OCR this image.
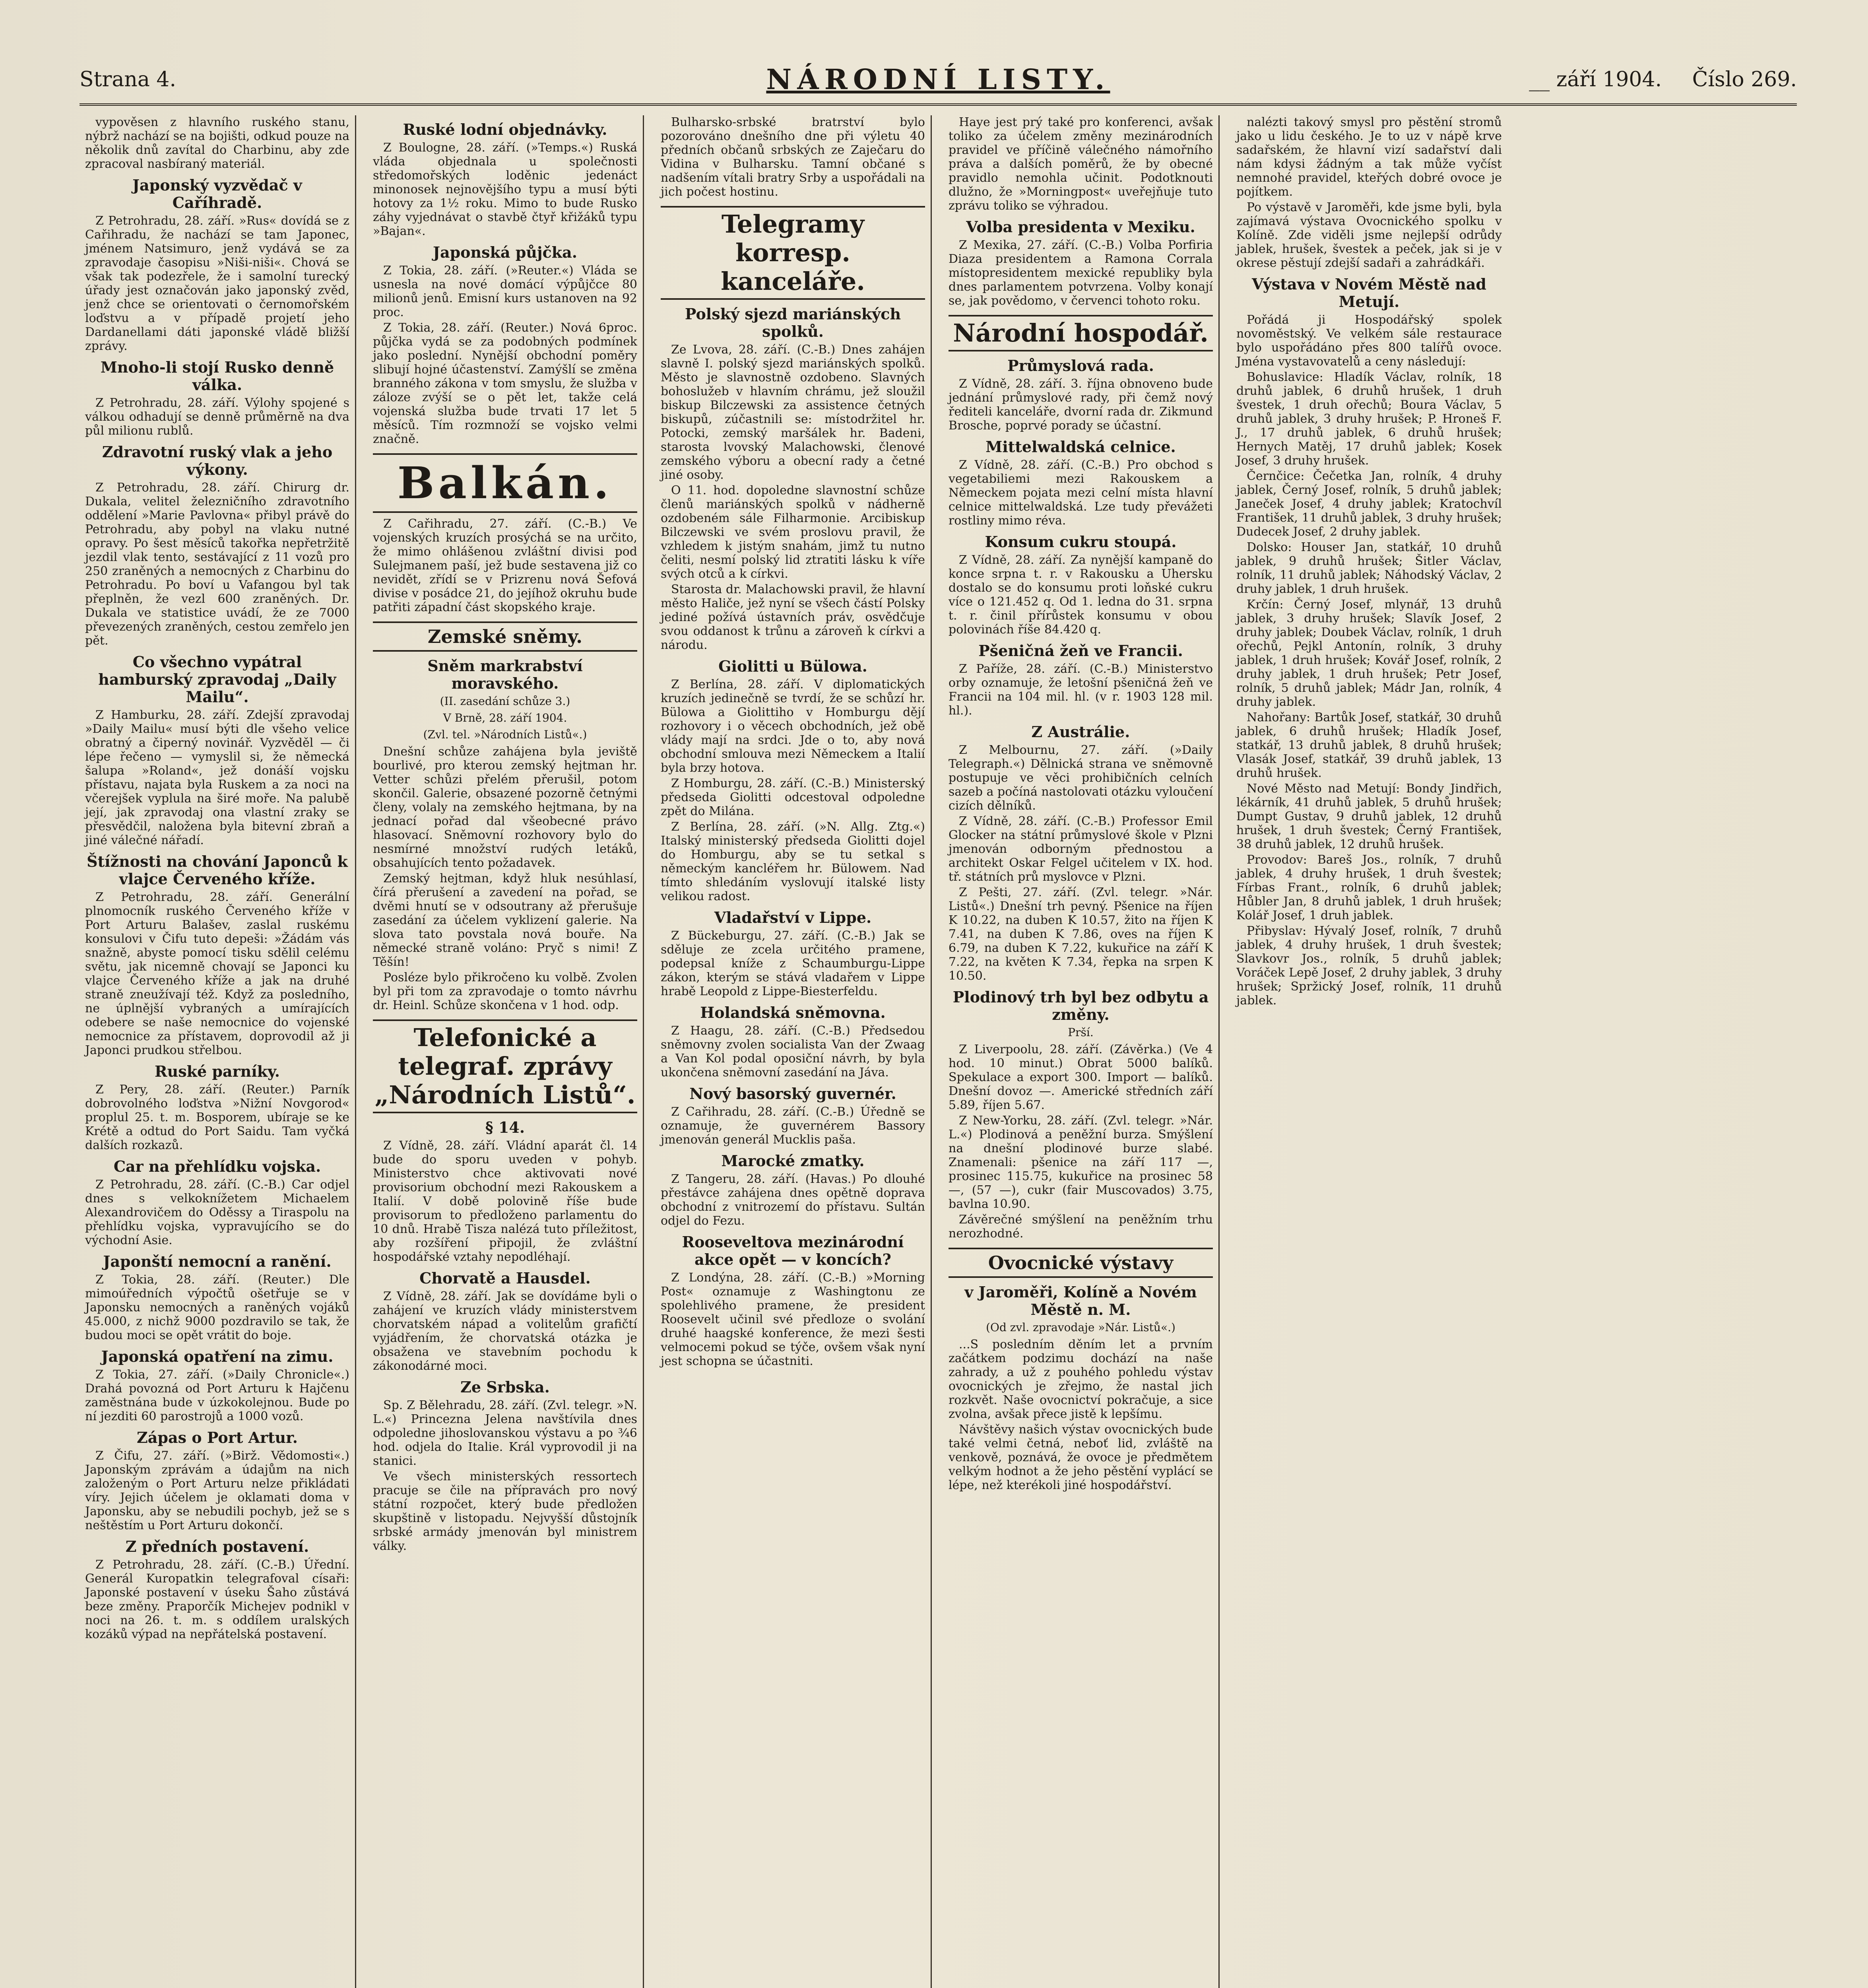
Strana 4.	NÁRODNÍ LISTY.	__ září 1904. Číslo 269.

vypověsen z hlavního ruského stanu, nýbrž nachází se na bojišti, odkud pouze na několik dnů zavítal do Charbinu, aby zde zpracoval nasbíraný materiál.

Japonský vyzvědač v Caříhradě.

Z Petrohradu, 28. září. »Rus« dovídá se z Cařihradu, že nachází se tam Japonec, jménem Natsimuro, jenž vydává se za zpravodaje časopisu »Niši-niši«. Chová se však tak podezřele, že i samolní turecký úřady jest označován jako japonský zvěd, jenž chce se orientovati o černomořském loďstvu a v případě projetí jeho Dardanellami dáti japonské vládě bližší zprávy.

Mnoho-li stojí Rusko denně válka.

Z Petrohradu, 28. září. Výlohy spojené s válkou odhadují se denně průměrně na dva půl milionu rublů.

Zdravotní ruský vlak a jeho výkony.

Z Petrohradu, 28. září. Chirurg dr. Dukala, velitel železničního zdravotního oddělení »Marie Pavlovna« přibyl právě do Petrohradu, aby pobyl na vlaku nutné opravy. Po šest měsíců takořka nepřetržitě jezdil vlak tento, sestávající z 11 vozů pro 250 zraněných a nemocných z Charbinu do Petrohradu. Po boví u Vafangou byl tak přeplněn, že vezl 600 zraněných. Dr. Dukala ve statistice uvádí, že ze 7000 převezených zraněných, cestou zemřelo jen pět.

Co všechno vypátral hamburský zpravodaj „Daily Mailu“.

Z Hamburku, 28. září. Zdejší zpravodaj »Daily Mailu« musí býti dle všeho velice obratný a čiperný novinář. Vyzvěděl — či lépe řečeno — vymyslil si, že německá šalupa »Roland«, jež donáší vojsku přístavu, najata byla Ruskem a za noci na včerejšek vyplula na širé moře. Na palubě její, jak zpravodaj ona vlastní zraky se přesvědčil, naložena byla bitevní zbraň a jiné válečné nářadí.

Štížnosti na chování Japonců k vlajce Červeného kříže.

Z Petrohradu, 28. září. Generální plnomocník ruského Červeného kříže v Port Arturu Balašev, zaslal ruskému konsulovi v Čifu tuto depeši: »Žádám vás snažně, abyste pomocí tisku sdělil celému světu, jak nicemně chovají se Japonci ku vlajce Červeného kříže a jak na druhé straně zneužívají též. Když za posledního, ne úplnější vybraných a umírajících odebere se naše nemocnice do vojenské nemocnice za přístavem, doprovodil až ji Japonci prudkou střelbou.

Ruské parníky.

Z Pery, 28. září. (Reuter.) Parník dobrovolného loďstva »Nižní Novgorod« proplul 25. t. m. Bosporem, ubíraje se ke Krétě a odtud do Port Saidu. Tam vyčká dalších rozkazů.

Car na přehlídku vojska.

Z Petrohradu, 28. září. (C.-B.) Car odjel dnes s velkoknížetem Michaelem Alexandrovičem do Oděssy a Tiraspolu na přehlídku vojska, vypravujícího se do východní Asie.

Japonští nemocní a ranění.

Z Tokia, 28. září. (Reuter.) Dle mimoúředních výpočtů ošetřuje se v Japonsku nemocných a raněných vojáků 45.000, z nichž 9000 pozdravilo se tak, že budou moci se opět vrátit do boje.

Japonská opatření na zimu.

Z Tokia, 27. září. (»Daily Chronicle«.) Drahá povozná od Port Arturu k Hajčenu zaměstnána bude v úzkokolejnou. Bude po ní jezditi 60 parostrojů a 1000 vozů.

Zápas o Port Artur.

Z Čifu, 27. září. (»Birž. Vědomosti«.) Japonským zprávám a údajům na nich založeným o Port Arturu nelze přikládati víry. Jejich účelem je oklamati doma v Japonsku, aby se nebudili pochyb, jež se s neštěstím u Port Arturu dokončí.

Z předních postavení.

Z Petrohradu, 28. září. (C.-B.) Úřední. Generál Kuropatkin telegrafoval císaři: Japonské postavení v úseku Šaho zůstává beze změny. Praporčík Michejev podnikl v noci na 26. t. m. s oddílem uralských kozáků výpad na nepřátelská postavení.

Ruské lodní objednávky.

Z Boulogne, 28. září. (»Temps.«) Ruská vláda objednala u společnosti středomořských loděnic jedenáct minonosek nejnovějšího typu a musí býti hotovy za 1½ roku. Mimo to bude Rusko záhy vyjednávat o stavbě čtyř křižáků typu »Bajan«.

Japonská půjčka.

Z Tokia, 28. září. (»Reuter.«) Vláda se usnesla na nové domácí výpůjčce 80 milionů jenů. Emisní kurs ustanoven na 92 proc.

Z Tokia, 28. září. (Reuter.) Nová 6proc. půjčka vydá se za podobných podmínek jako poslední. Nynější obchodní poměry slibují hojné účastenství. Zamýšlí se změna branného zákona v tom smyslu, že služba v záloze zvýší se o pět let, takže celá vojenská služba bude trvati 17 let 5 měsíců. Tím rozmnoží se vojsko velmi značně.

Balkán.

Z Cařihradu, 27. září. (C.-B.) Ve vojenských kruzích prosýchá se na určito, že mimo ohlášenou zvláštní divisi pod Sulejmanem paší, jež bude sestavena již co nevidět, zřídí se v Prizrenu nová Šefová divise v posádce 21, do jejíhož okruhu bude patřiti západní část skopského kraje.

Zemské sněmy.
Sněm markrabství moravského.
(II. zasedání schůze 3.)
V Brně, 28. září 1904.
(Zvl. tel. »Národních Listů«.)

Dnešní schůze zahájena byla jeviště bourlivé, pro kterou zemský hejtman hr. Vetter schůzi přelém přerušil, potom skončil. Galerie, obsazené pozorně četnými členy, volaly na zemského hejtmana, by na jednací pořad dal všeobecné právo hlasovací. Sněmovní rozhovory bylo do nesmírné množství rudých letáků, obsahujících tento požadavek.

Zemský hejtman, když hluk nesúhlasí, čírá přerušení a zavedení na pořad, se dvěmi hnutí se v odsoutrany až přerušuje zasedání za účelem vyklizení galerie. Na slova tato povstala nová bouře. Na německé straně voláno: Pryč s nimi! Z Těšín!

Posléze bylo přikročeno ku volbě. Zvolen byl při tom za zpravodaje o tomto návrhu dr. Heinl. Schůze skončena v 1 hod. odp.

Telefonické a telegraf. zprávy „Národních Listů“.
§ 14.

Z Vídně, 28. září. Vládní aparát čl. 14 bude do sporu uveden v pohyb. Ministerstvo chce aktivovati nové provisorium obchodní mezi Rakouskem a Italií. V době polovině říše bude provisorum to předloženo parlamentu do 10 dnů. Hrabě Tisza nalézá tuto příležitost, aby rozšíření připojil, že zvláštní hospodářské vztahy nepodléhají.

Chorvatě a Hausdel.

Z Vídně, 28. září. Jak se dovídáme byli o zahájení ve kruzích vlády ministerstvem chorvatském nápad a volitelům grafičtí vyjádřením, že chorvatská otázka je obsažena ve stavebním pochodu k zákonodárné moci.

Ze Srbska.

Sp. Z Bělehradu, 28. září. (Zvl. telegr. »N. L.«) Princezna Jelena navštívila dnes odpoledne jihoslovanskou výstavu a po ¾6 hod. odjela do Italie. Král vyprovodil ji na stanici.

Ve všech ministerských ressortech pracuje se čile na přípravách pro nový státní rozpočet, který bude předložen skupštině v listopadu. Nejvyšší důstojník srbské armády jmenován byl ministrem války.

Bulharsko-srbské bratrství bylo pozorováno dnešního dne při výletu 40 předních občanů srbských ze Zaječaru do Vidina v Bulharsku. Tamní občané s nadšením vítali bratry Srby a uspořádali na jich počest hostinu.

Telegramy korresp. kanceláře.
Polský sjezd mariánských spolků.

Ze Lvova, 28. září. (C.-B.) Dnes zahájen slavně I. polský sjezd mariánských spolků. Město je slavnostně ozdobeno. Slavných bohoslužeb v hlavním chrámu, jež sloužil biskup Bilczewski za assistence četných biskupů, zúčastnili se: místodržitel hr. Potocki, zemský maršálek hr. Badeni, starosta lvovský Malachowski, členové zemského výboru a obecní rady a četné jiné osoby.

O 11. hod. dopoledne slavnostní schůze členů mariánských spolků v nádherně ozdobeném sále Filharmonie. Arcibiskup Bilczewski ve svém proslovu pravil, že vzhledem k jistým snahám, jimž tu nutno čeliti, nesmí polský lid ztratiti lásku k víře svých otců a k církvi.

Starosta dr. Malachowski pravil, že hlavní město Haliče, jež nyní se všech částí Polsky jediné požívá ústavních práv, osvědčuje svou oddanost k trůnu a zároveň k církvi a národu.

Giolitti u Bülowa.

Z Berlína, 28. září. V diplomatických kruzích jedinečně se tvrdí, že se schůzí hr. Bülowa a Giolittiho v Homburgu dějí rozhovory i o věcech obchodních, jež obě vlády mají na srdci. Jde o to, aby nová obchodní smlouva mezi Německem a Italií byla brzy hotova.

Z Homburgu, 28. září. (C.-B.) Ministerský předseda Giolitti odcestoval odpoledne zpět do Milána.

Z Berlína, 28. září. (»N. Allg. Ztg.«) Italský ministerský předseda Giolitti dojel do Homburgu, aby se tu setkal s německým kancléřem hr. Bülowem. Nad tímto shledáním vyslovují italské listy velikou radost.

Vladařství v Lippe.

Z Bückeburgu, 27. září. (C.-B.) Jak se sděluje ze zcela určitého pramene, podepsal kníže z Schaumburgu-Lippe zákon, kterým se stává vladařem v Lippe hrabě Leopold z Lippe-Biesterfeldu.

Holandská sněmovna.

Z Haagu, 28. září. (C.-B.) Předsedou sněmovny zvolen socialista Van der Zwaag a Van Kol podal oposiční návrh, by byla ukončena sněmovní zasedání na Jáva.

Nový basorský guvernér.

Z Cařihradu, 28. září. (C.-B.) Úředně se oznamuje, že guvernérem Bassory jmenován generál Mucklis paša.

Marocké zmatky.

Z Tangeru, 28. září. (Havas.) Po dlouhé přestávce zahájena dnes opětně doprava obchodní z vnitrozemí do přístavu. Sultán odjel do Fezu.

Rooseveltova mezinárodní akce opět — v koncích?

Z Londýna, 28. září. (C.-B.) »Morning Post« oznamuje z Washingtonu ze spolehlivého pramene, že president Roosevelt učinil své předloze o svolání druhé haagské konference, že mezi šesti velmocemi pokud se týče, ovšem však nyní jest schopna se účastniti.

Haye jest prý také pro konferenci, avšak toliko za účelem změny mezinárodních pravidel ve příčině válečného námořního práva a dalších poměrů, že by obecné pravidlo nemohla učinit. Podotknouti dlužno, že »Morningpost« uveřejňuje tuto zprávu toliko se výhradou.

Volba presidenta v Mexiku.

Z Mexika, 27. září. (C.-B.) Volba Porfiria Diaza presidentem a Ramona Corrala místopresidentem mexické republiky byla dnes parlamentem potvrzena. Volby konají se, jak povědomo, v červenci tohoto roku.

Národní hospodář.
Průmyslová rada.

Z Vídně, 28. září. 3. října obnoveno bude jednání průmyslové rady, při čemž nový řediteli kanceláře, dvorní rada dr. Zikmund Brosche, poprvé porady se účastní.

Mittelwaldská celnice.

Z Vídně, 28. září. (C.-B.) Pro obchod s vegetabiliemi mezi Rakouskem a Německem pojata mezi celní místa hlavní celnice mittelwaldská. Lze tudy převážeti rostliny mimo réva.

Konsum cukru stoupá.

Z Vídně, 28. září. Za nynější kampaně do konce srpna t. r. v Rakousku a Uhersku dostalo se do konsumu proti loňské cukru více o 121.452 q. Od 1. ledna do 31. srpna t. r. činil přírůstek konsumu v obou polovinách říše 84.420 q.

Pšeničná žeň ve Francii.

Z Paříže, 28. září. (C.-B.) Ministerstvo orby oznamuje, že letošní pšeničná žeň ve Francii na 104 mil. hl. (v r. 1903 128 mil. hl.).

Z Austrálie.

Z Melbournu, 27. září. (»Daily Telegraph.«) Dělnická strana ve sněmovně postupuje ve věci prohibičních celních sazeb a počíná nastolovati otázku vyloučení cizích dělníků.

Z Vídně, 28. září. (C.-B.) Professor Emil Glocker na státní průmyslové škole v Plzni jmenován odborným přednostou a architekt Oskar Felgel učitelem v IX. hod. tř. státních prů myslovce v Plzni.

Z Pešti, 27. září. (Zvl. telegr. »Nár. Listů«.) Dnešní trh pevný. Pšenice na říjen K 10.22, na duben K 10.57, žito na říjen K 7.41, na duben K 7.86, oves na říjen K 6.79, na duben K 7.22, kukuřice na září K 7.22, na květen K 7.34, řepka na srpen K 10.50.

Plodinový trh byl bez odbytu a změny.
Prší.

Z Liverpoolu, 28. září. (Závěrka.) (Ve 4 hod. 10 minut.) Obrat 5000 balíků. Spekulace a export 300. Import — balíků. Dnešní dovoz —. Americké středních září 5.89, říjen 5.67.

Z New-Yorku, 28. září. (Zvl. telegr. »Nár. L.«) Plodinová a peněžní burza. Smýšlení na dnešní plodinové burze slabé. Znamenali: pšenice na září 117 —, prosinec 115.75, kukuřice na prosinec 58 —, (57 —), cukr (fair Muscovados) 3.75, bavlna 10.90.

Závěrečné smýšlení na peněžním trhu nerozhodné.

Ovocnické výstavy
v Jaroměři, Kolíně a Novém Městě n. M.
(Od zvl. zpravodaje »Nár. Listů«.)

...S posledním děním let a prvním začátkem podzimu dochází na naše zahrady, a už z pouhého pohledu výstav ovocnických je zřejmo, že nastal jich rozkvět. Naše ovocnictví pokračuje, a sice zvolna, avšak přece jistě k lepšímu.

Návštěvy našich výstav ovocnických bude také velmi četná, neboť lid, zvláště na venkově, poznává, že ovoce je předmětem velkým hodnot a že jeho pěstění vyplácí se lépe, než kterékoli jiné hospodářství.

nalézti takový smysl pro pěstění stromů jako u lidu českého. Je to uz v nápě krve sadařském, že hlavní vizí sadařství dali nám kdysi žádným a tak může vyčíst nemnohé pravidel, kteřých dobré ovoce je pojítkem.

Po výstavě v Jaroměři, kde jsme byli, byla zajímavá výstava Ovocnického spolku v Kolíně. Zde viděli jsme nejlepší odrůdy jablek, hrušek, švestek a peček, jak si je v okrese pěstují zdejší sadaři a zahrádkáři.

Výstava v Novém Městě nad Metují.

Pořádá ji Hospodářský spolek novoměstský. Ve velkém sále restaurace bylo uspořádáno přes 800 talířů ovoce. Jména vystavovatelů a ceny následují:

Bohuslavice: Hladík Václav, rolník, 18 druhů jablek, 6 druhů hrušek, 1 druh švestek, 1 druh ořechů; Boura Václav, 5 druhů jablek, 3 druhy hrušek; P. Hroneš F. J., 17 druhů jablek, 6 druhů hrušek; Hernych Matěj, 17 druhů jablek; Kosek Josef, 3 druhy hrušek.

Černčice: Čečetka Jan, rolník, 4 druhy jablek, Černý Josef, rolník, 5 druhů jablek; Janeček Josef, 4 druhy jablek; Kratochvíl František, 11 druhů jablek, 3 druhy hrušek; Dudecek Josef, 2 druhy jablek.

Dolsko: Houser Jan, statkář, 10 druhů jablek, 9 druhů hrušek; Šitler Václav, rolník, 11 druhů jablek; Náhodský Václav, 2 druhy jablek, 1 druh hrušek.

Krčín: Černý Josef, mlynář, 13 druhů jablek, 3 druhy hrušek; Slavík Josef, 2 druhy jablek; Doubek Václav, rolník, 1 druh ořechů, Pejkl Antonín, rolník, 3 druhy jablek, 1 druh hrušek; Kovář Josef, rolník, 2 druhy jablek, 1 druh hrušek; Petr Josef, rolník, 5 druhů jablek; Mádr Jan, rolník, 4 druhy jablek.

Nahořany: Bartůk Josef, statkář, 30 druhů jablek, 6 druhů hrušek; Hladík Josef, statkář, 13 druhů jablek, 8 druhů hrušek; Vlasák Josef, statkář, 39 druhů jablek, 13 druhů hrušek.

Nové Město nad Metují: Bondy Jindřich, lékárník, 41 druhů jablek, 5 druhů hrušek; Dumpt Gustav, 9 druhů jablek, 12 druhů hrušek, 1 druh švestek; Černý František, 38 druhů jablek, 12 druhů hrušek.

Provodov: Bareš Jos., rolník, 7 druhů jablek, 4 druhy hrušek, 1 druh švestek; Fírbas Frant., rolník, 6 druhů jablek; Hůbler Jan, 8 druhů jablek, 1 druh hrušek; Kolář Josef, 1 druh jablek.

Přibyslav: Hývalý Josef, rolník, 7 druhů jablek, 4 druhy hrušek, 1 druh švestek; Slavkovr Jos., rolník, 5 druhů jablek; Voráček Lepě Josef, 2 druhy jablek, 3 druhy hrušek; Spržický Josef, rolník, 11 druhů jablek.
